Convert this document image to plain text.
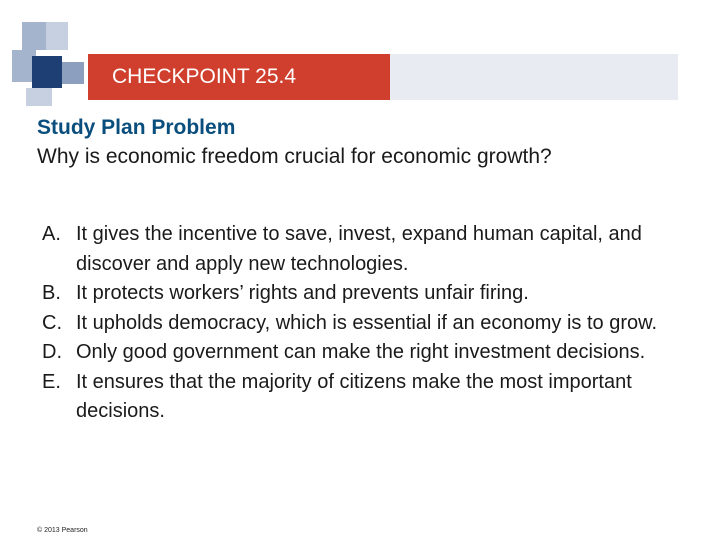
CHECKPOINT 25.4
Study Plan Problem
Why is economic freedom crucial for economic growth?
A. It gives the incentive to save, invest, expand human capital, and discover and apply new technologies.
B. It protects workers’ rights and prevents unfair firing.
C. It upholds democracy, which is essential if an economy is to grow.
D. Only good government can make the right investment decisions.
E. It ensures that the majority of citizens make the most important decisions.
© 2013 Pearson
